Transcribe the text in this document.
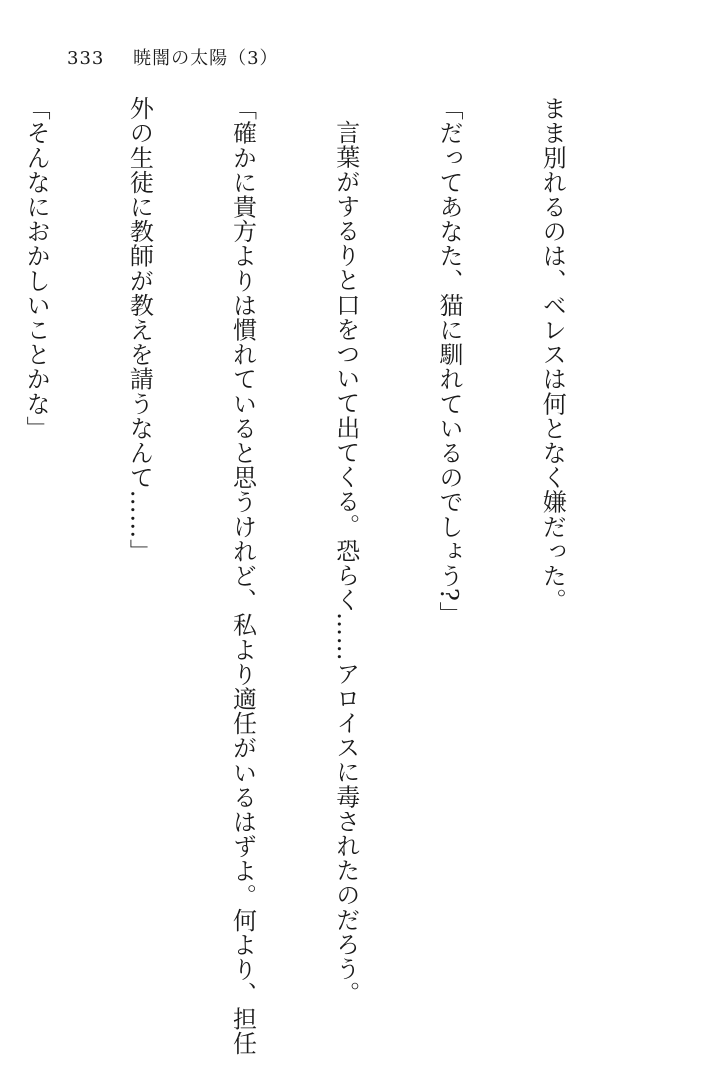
333 暁闇の太陽（3）

まま別れるのは、ベレスは何となく嫌だった。

「だってあなた、猫に馴れているのでしょう?」

言葉がするりと口をついて出てくる。恐らく……アロイスに毒されたのだろう。

「確かに貴方よりは慣れていると思うけれど、私より適任がいるはずよ。何より、担任

外の生徒に教師が教えを請うなんて……」

「そんなにおかしいことかな」
